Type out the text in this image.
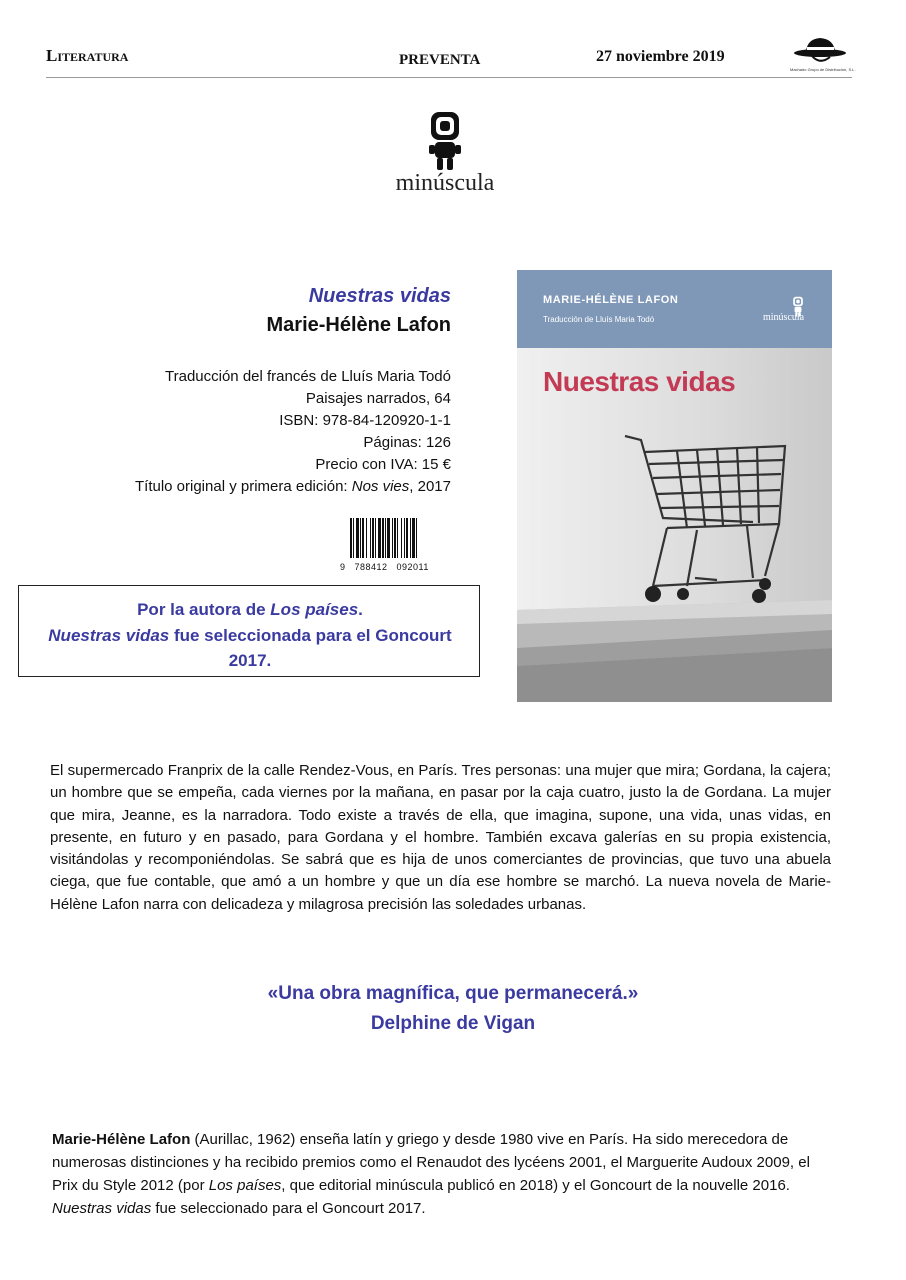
Literatura	PREVENTA	27 noviembre 2019
Machado Grupo de Distribución, S.L.
minúscula
Nuestras vidas
Marie-Hélène Lafon
Traducción del francés de Lluís Maria Todó
Paisajes narrados, 64
ISBN: 978-84-120920-1-1
Páginas: 126
Precio con IVA: 15 €
Título original y primera edición: Nos vies, 2017
9   788412   092011
Por la autora de Los países.
Nuestras vidas fue seleccionada para el Goncourt
2017.
MARIE-HÉLÈNE LAFON
Traducción de Lluís Maria Todó	minúscula
Nuestras vidas

El supermercado Franprix de la calle Rendez-Vous, en París. Tres personas: una mujer que mira; Gordana, la cajera; un hombre que se empeña, cada viernes por la mañana, en pasar por la caja cuatro, justo la de Gordana. La mujer que mira, Jeanne, es la narradora. Todo existe a través de ella, que imagina, supone, una vida, unas vidas, en presente, en futuro y en pasado, para Gordana y el hombre. También excava galerías en su propia existencia, visitándolas y recomponiéndolas. Se sabrá que es hija de unos comerciantes de provincias, que tuvo una abuela ciega, que fue contable, que amó a un hombre y que un día ese hombre se marchó. La nueva novela de Marie-Hélène Lafon narra con delicadeza y milagrosa precisión las soledades urbanas.

«Una obra magnífica, que permanecerá.»
Delphine de Vigan

Marie-Hélène Lafon (Aurillac, 1962) enseña latín y griego y desde 1980 vive en París. Ha sido merecedora de numerosas distinciones y ha recibido premios como el Renaudot des lycéens 2001, el Marguerite Audoux 2009, el Prix du Style 2012 (por Los países, que editorial minúscula publicó en 2018) y el Goncourt de la nouvelle 2016. Nuestras vidas fue seleccionado para el Goncourt 2017.
